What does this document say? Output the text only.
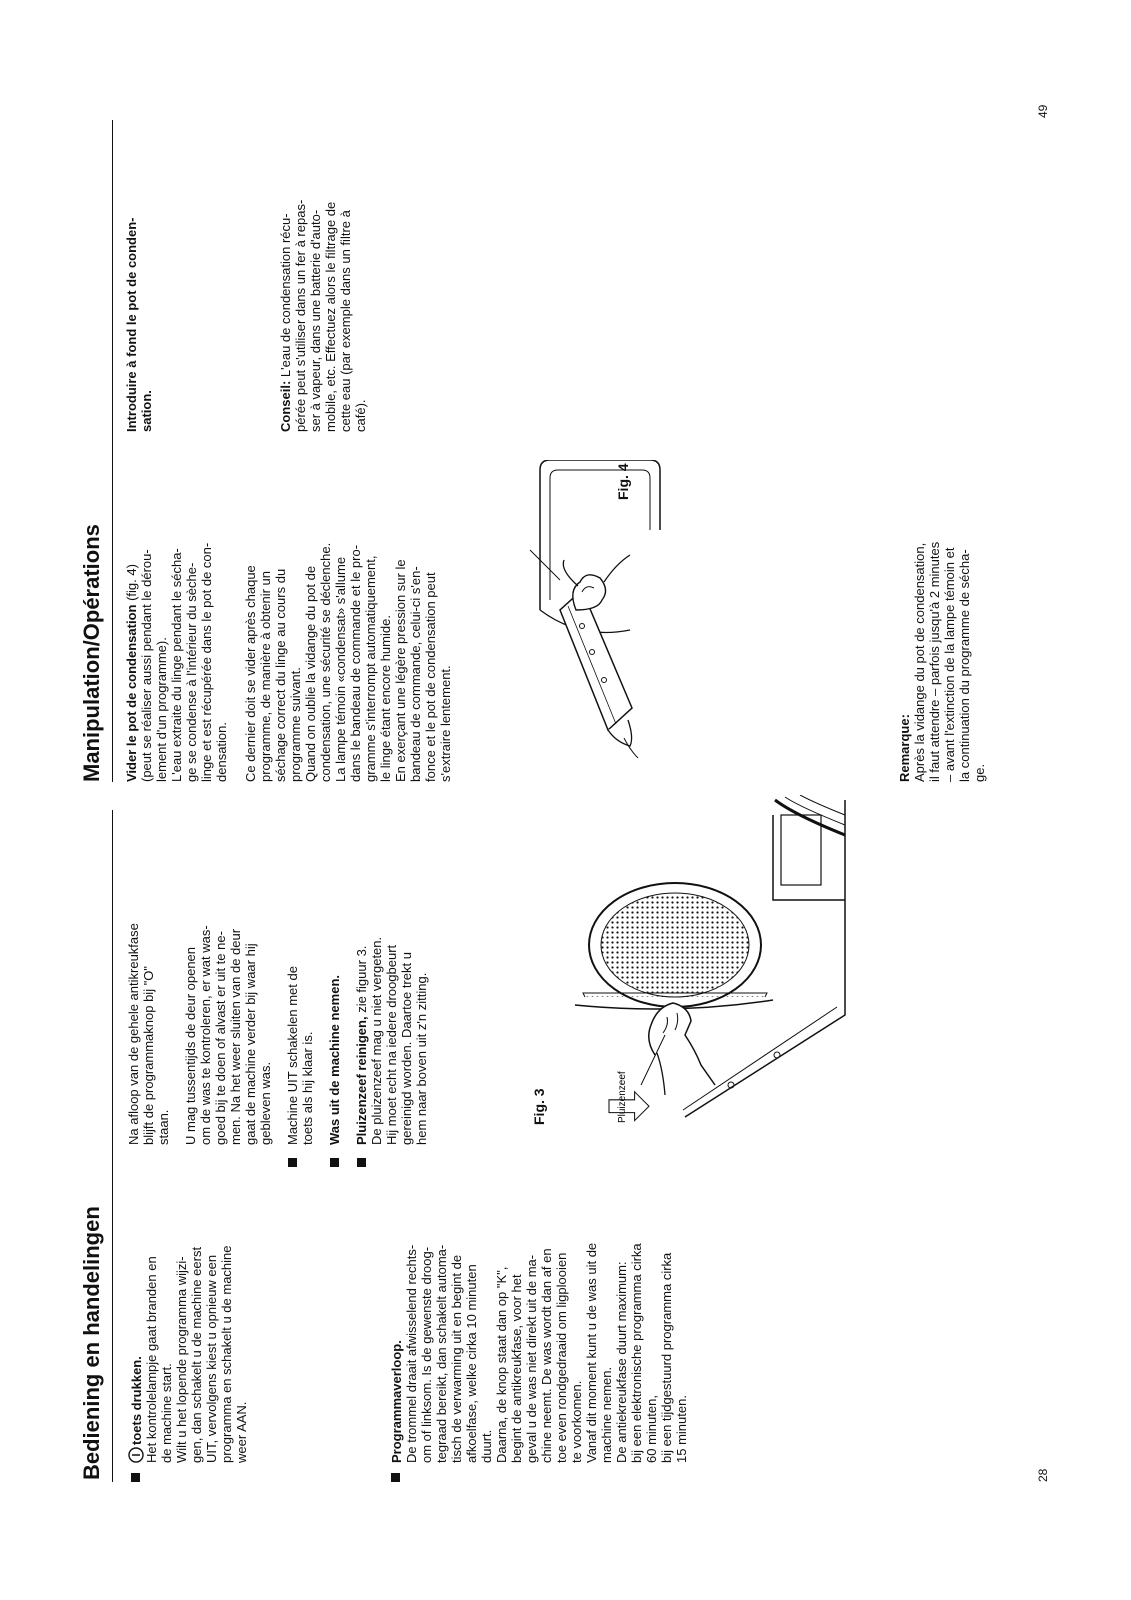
28
49
Bediening en handelingen toets drukken. Het kontrolelampje gaat branden en de machine start. Wilt u het lopende programma wijzi- gen, dan schakelt u de machine eerst UIT, vervolgens kiest u opnieuw een programma en schakelt u de machine weer AAN.	Programmaverloop. De trommel draait afwisselend rechts- om of linksom. Is de gewenste droog- tegraad bereikt, dan schakelt automa- tisch de verwarming uit en begint de afkoelfase, welke cirka 10 minuten duurt. Daarna, de knop staat dan op "K", begint de antikreukfase, voor het geval u de was niet direkt uit de ma- chine neemt. De was wordt dan af en toe even rondgedraaid om ligplooien te voorkomen. Vanaf dit moment kunt u de was uit de machine nemen. De antiekreukfase duurt maximum: bij een elektronische programma cirka 60 minuten, bij een tijdgestuurd programma cirka 15 minuten.
Na afloop van de gehele antikreukfase blijft de programmaknop bij "O" staan. U mag tussentijds de deur openen om de was te kontroleren, er wat was- goed bij te doen of alvast er uit te ne- men. Na het weer sluiten van de deur gaat de machine verder bij waar hij gebleven was. Machine UIT schakelen met de toets als hij klaar is. Was uit de machine nemen. Pluizenzeef reinigen, zie figuur 3. De pluizenzeef mag u niet vergeten. Hij moet echt na iedere droogbeurt gereinigd worden. Daartoe trekt u hem naar boven uit z'n zitting.	Fig. 3	Pluizenzeef
Manipulation/Opérations Vider le pot de condensation (fig. 4) (peut se réaliser aussi pendant le dérou- lement d'un programme). L'eau extraite du linge pendant le sécha- ge se condense à l'intérieur du sèche- linge et est récupérée dans le pot de con- densation. Ce dernier doit se vider après chaque programme, de manière à obtenir un séchage correct du linge au cours du programme suivant. Quand on oublie la vidange du pot de condensation, une sécurité se déclenche. La lampe témoin «condensat» s'allume dans le bandeau de commande et le pro- gramme s'interrompt automatiquement, le linge étant encore humide. En exerçant une légère pression sur le bandeau de commande, celui-ci s'en- fonce et le pot de condensation peut s'extraire lentement.
Fig. 4
Remarque: Après la vidange du pot de condensation, il faut attendre – parfois jusqu'à 2 minutes – avant l'extinction de la lampe témoin et la continuation du programme de sécha- ge.
Introduire à fond le pot de conden- sation.	Conseil: L'eau de condensation récu- pérée peut s'utiliser dans un fer à repas- ser à vapeur, dans une batterie d'auto- mobile, etc. Effectuez alors le filtrage de cette eau (par exemple dans un filtre à café).
